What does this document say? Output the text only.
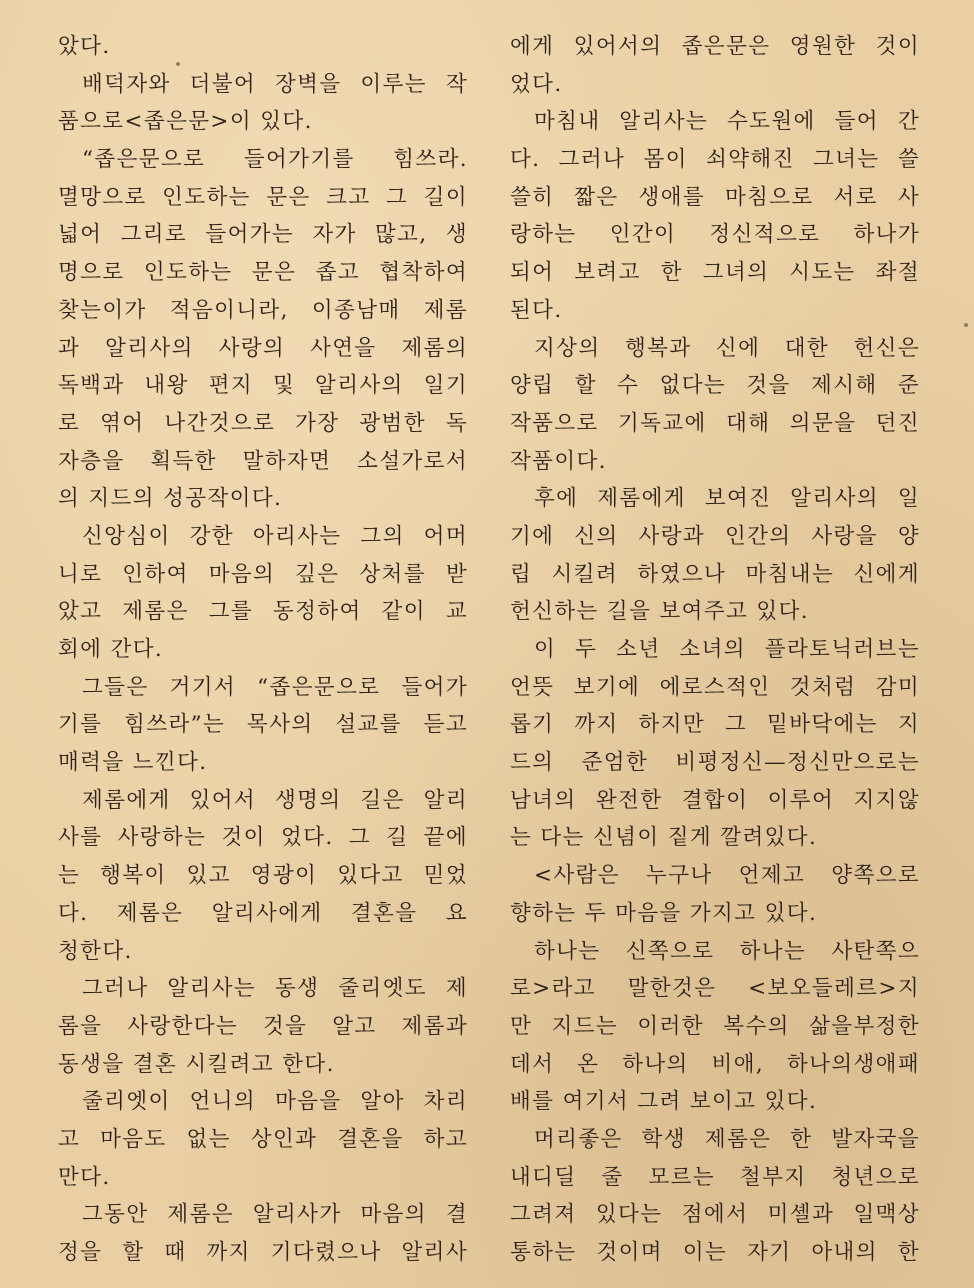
았다.
배덕자와 더불어 장벽을 이루는 작
품으로<좁은문>이 있다.
“좁은문으로 들어가기를 힘쓰라.
멸망으로 인도하는 문은 크고 그 길이
넓어 그리로 들어가는 자가 많고, 생
명으로 인도하는 문은 좁고 협착하여
찾는이가 적음이니라, 이종남매 제롬
과 알리사의 사랑의 사연을 제롬의
독백과 내왕 편지 및 알리사의 일기
로 엮어 나간것으로 가장 광범한 독
자층을 획득한 말하자면 소설가로서
의 지드의 성공작이다.
신앙심이 강한 아리사는 그의 어머
니로 인하여 마음의 깊은 상처를 받
았고 제롬은 그를 동정하여 같이 교
회에 간다.
그들은 거기서 “좁은문으로 들어가
기를 힘쓰라”는 목사의 설교를 듣고
매력을 느낀다.
제롬에게 있어서 생명의 길은 알리
사를 사랑하는 것이 었다. 그 길 끝에
는 행복이 있고 영광이 있다고 믿었
다. 제롬은 알리사에게 결혼을 요
청한다.
그러나 알리사는 동생 줄리엣도 제
롬을 사랑한다는 것을 알고 제롬과
동생을 결혼 시킬려고 한다.
줄리엣이 언니의 마음을 알아 차리
고 마음도 없는 상인과 결혼을 하고
만다.
그동안 제롬은 알리사가 마음의 결
정을 할 때 까지 기다렸으나 알리사
에게 있어서의 좁은문은 영원한 것이
었다.
마침내 알리사는 수도원에 들어 간
다. 그러나 몸이 쇠약해진 그녀는 쓸
쓸히 짧은 생애를 마침으로 서로 사
랑하는 인간이 정신적으로 하나가
되어 보려고 한 그녀의 시도는 좌절
된다.
지상의 행복과 신에 대한 헌신은
양립 할 수 없다는 것을 제시해 준
작품으로 기독교에 대해 의문을 던진
작품이다.
후에 제롬에게 보여진 알리사의 일
기에 신의 사랑과 인간의 사랑을 양
립 시킬려 하였으나 마침내는 신에게
헌신하는 길을 보여주고 있다.
이 두 소년 소녀의 플라토닉러브는
언뜻 보기에 에로스적인 것처럼 감미
롭기 까지 하지만 그 밑바닥에는 지
드의 준엄한 비평정신—정신만으로는
남녀의 완전한 결합이 이루어 지지않
는 다는 신념이 짙게 깔려있다.
<사람은 누구나 언제고 양쪽으로
향하는 두 마음을 가지고 있다.
하나는 신쪽으로 하나는 사탄쪽으
로>라고 말한것은 <보오들레르>지
만 지드는 이러한 복수의 삶을부정한
데서 온 하나의 비애, 하나의생애패
배를 여기서 그려 보이고 있다.
머리좋은 학생 제롬은 한 발자국을
내디딜 줄 모르는 철부지 청년으로
그려져 있다는 점에서 미셸과 일맥상
통하는 것이며 이는 자기 아내의 한
